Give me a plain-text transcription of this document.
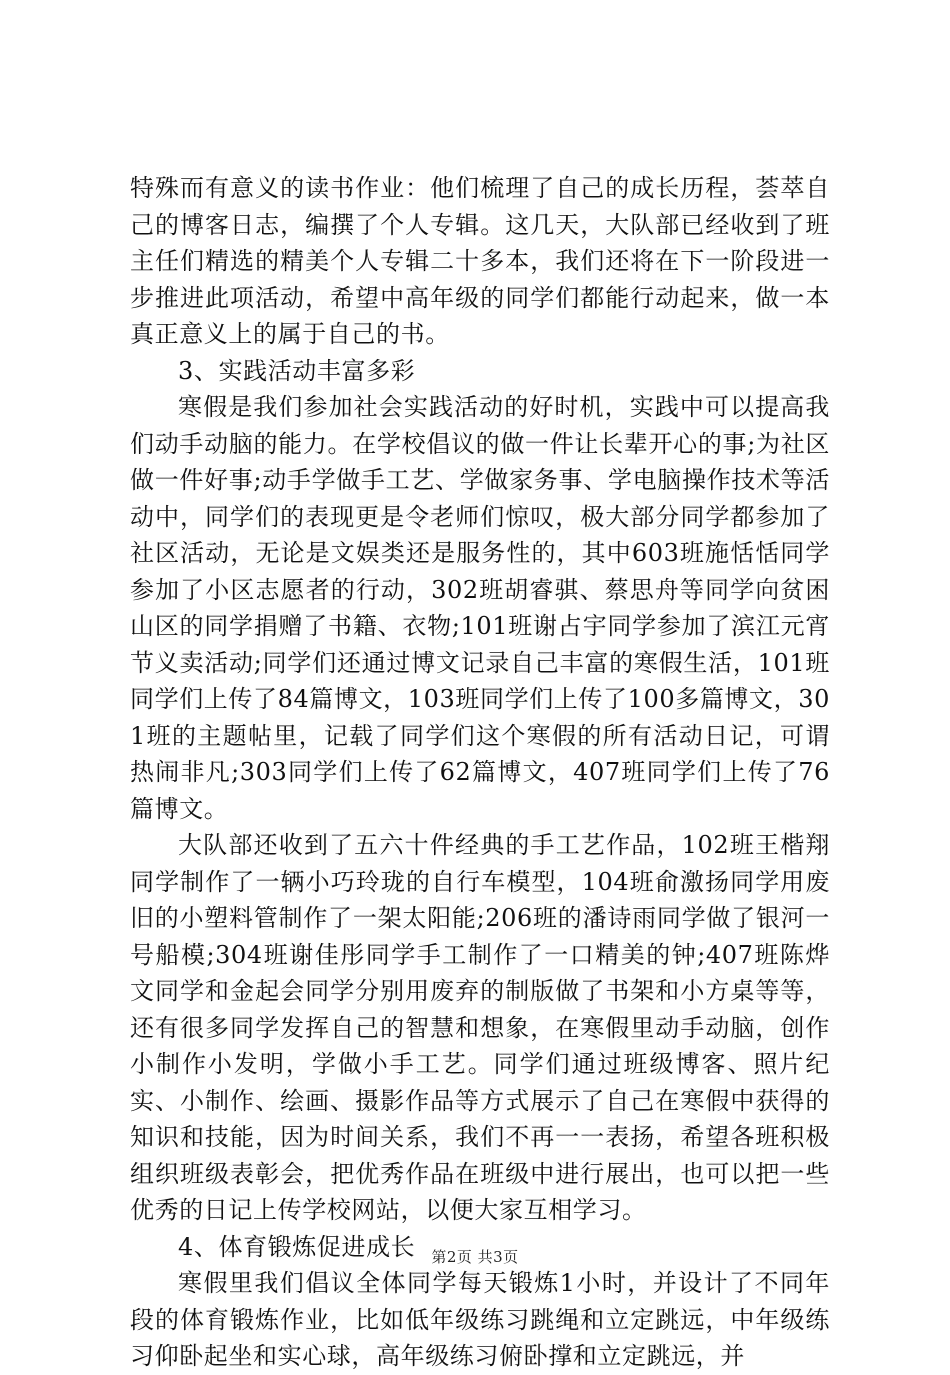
特殊而有意义的读书作业：他们梳理了自己的成长历程，荟萃自己的博客日志，编撰了个人专辑。这几天，大队部已经收到了班主任们精选的精美个人专辑二十多本，我们还将在下一阶段进一步推进此项活动，希望中高年级的同学们都能行动起来，做一本真正意义上的属于自己的书。

3、实践活动丰富多彩

寒假是我们参加社会实践活动的好时机，实践中可以提高我们动手动脑的能力。在学校倡议的做一件让长辈开心的事;为社区做一件好事;动手学做手工艺、学做家务事、学电脑操作技术等活动中，同学们的表现更是令老师们惊叹，极大部分同学都参加了社区活动，无论是文娱类还是服务性的，其中603班施恬恬同学参加了小区志愿者的行动，302班胡睿骐、蔡思舟等同学向贫困山区的同学捐赠了书籍、衣物;101班谢占宇同学参加了滨江元宵节义卖活动;同学们还通过博文记录自己丰富的寒假生活，101班同学们上传了84篇博文，103班同学们上传了100多篇博文，301班的主题帖里，记载了同学们这个寒假的所有活动日记，可谓热闹非凡;303同学们上传了62篇博文，407班同学们上传了76篇博文。

大队部还收到了五六十件经典的手工艺作品，102班王楷翔同学制作了一辆小巧玲珑的自行车模型，104班俞激扬同学用废旧的小塑料管制作了一架太阳能;206班的潘诗雨同学做了银河一号船模;304班谢佳彤同学手工制作了一口精美的钟;407班陈烨文同学和金起会同学分别用废弃的制版做了书架和小方桌等等，还有很多同学发挥自己的智慧和想象，在寒假里动手动脑，创作小制作小发明，学做小手工艺。同学们通过班级博客、照片纪实、小制作、绘画、摄影作品等方式展示了自己在寒假中获得的知识和技能，因为时间关系，我们不再一一表扬，希望各班积极组织班级表彰会，把优秀作品在班级中进行展出，也可以把一些优秀的日记上传学校网站，以便大家互相学习。

4、体育锻炼促进成长

寒假里我们倡议全体同学每天锻炼1小时，并设计了不同年段的体育锻炼作业，比如低年级练习跳绳和立定跳远，中年级练习仰卧起坐和实心球，高年级练习俯卧撑和立定跳远，并

第2页 共3页
